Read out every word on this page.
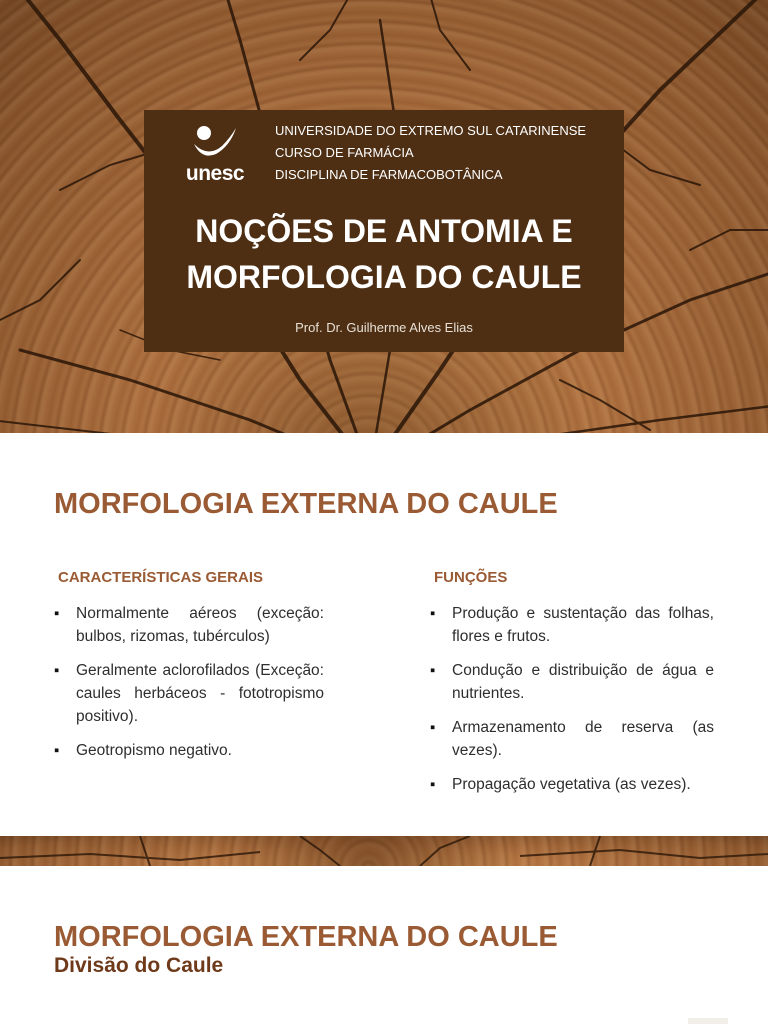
unesc
UNIVERSIDADE DO EXTREMO SUL CATARINENSE
CURSO DE FARMÁCIA
DISCIPLINA DE FARMACOBOTÂNICA
NOÇÕES DE ANTOMIA E
MORFOLOGIA DO CAULE
Prof. Dr. Guilherme Alves Elias
MORFOLOGIA EXTERNA DO CAULE
CARACTERÍSTICAS GERAIS
▪ Normalmente aéreos (exceção: bulbos, rizomas, tubérculos)
▪ Geralmente aclorofilados (Exceção: caules herbáceos - fototropismo positivo).
▪ Geotropismo negativo.
FUNÇÕES
▪ Produção e sustentação das folhas, flores e frutos.
▪ Condução e distribuição de água e nutrientes.
▪ Armazenamento de reserva (as vezes).
▪ Propagação vegetativa (as vezes).
MORFOLOGIA EXTERNA DO CAULE
Divisão do Caule
